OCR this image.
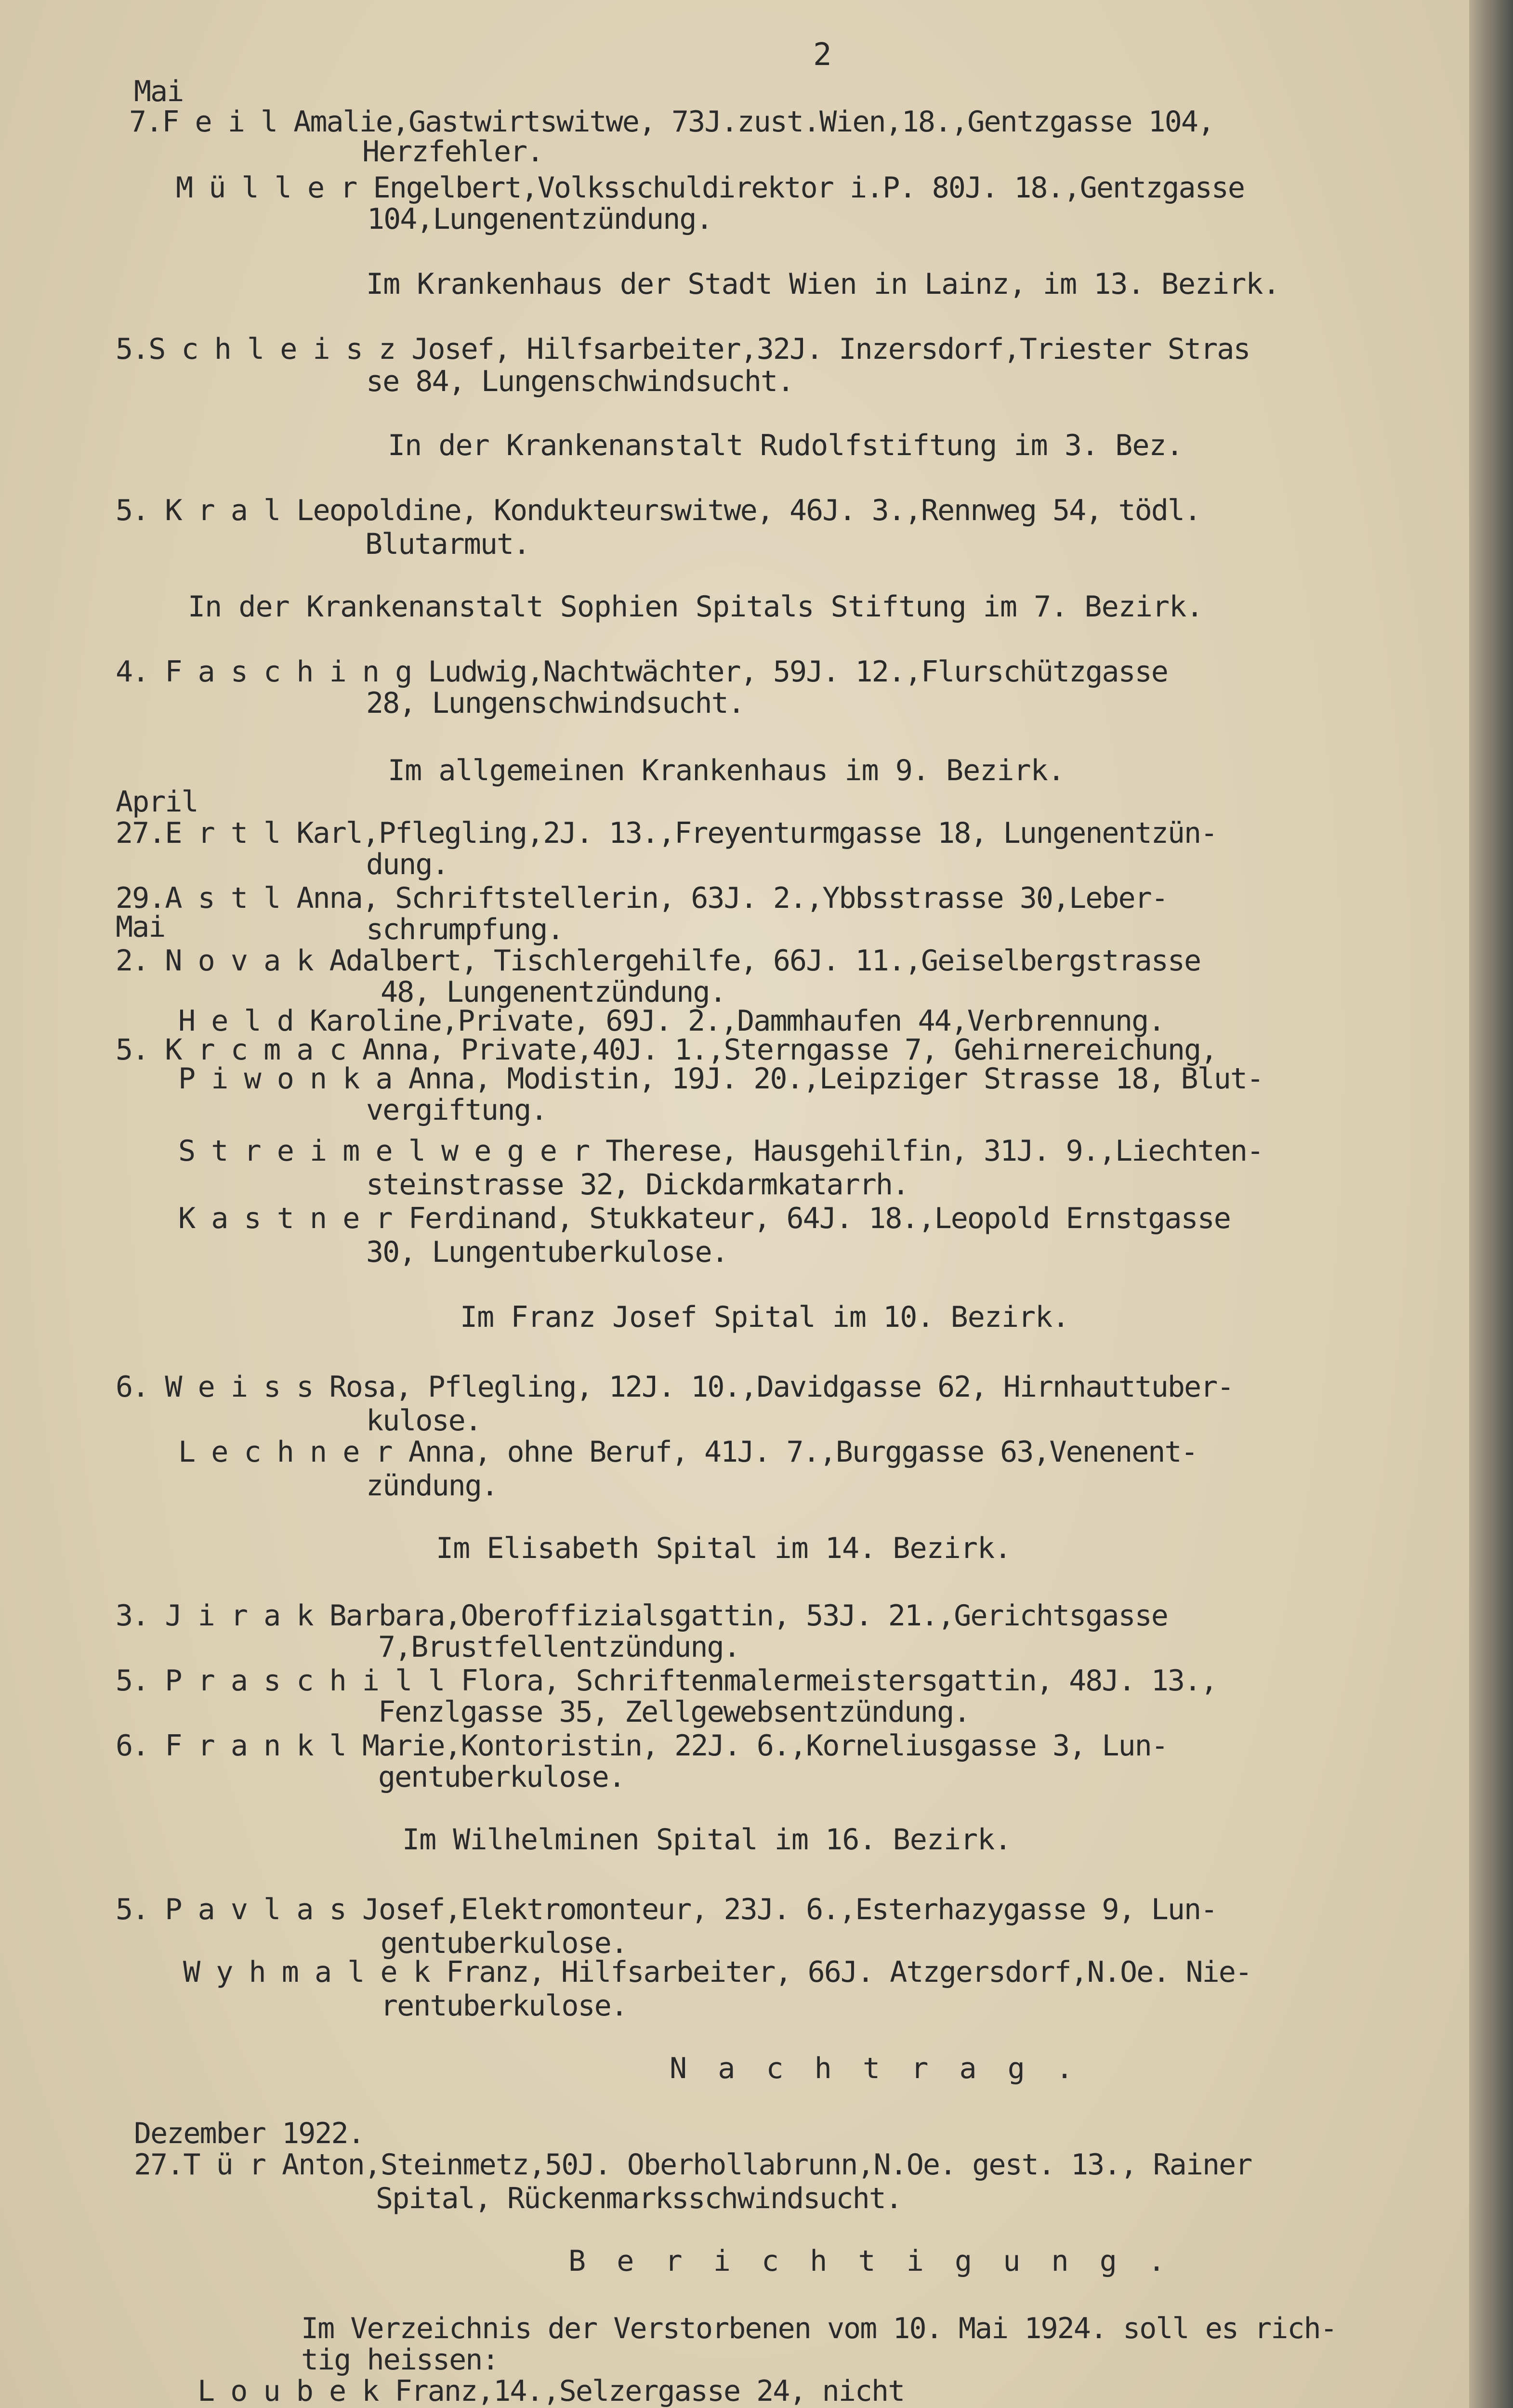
2
Mai
7.F e i l Amalie,Gastwirtswitwe, 73J.zust.Wien,18.,Gentzgasse 104,
Herzfehler.
M ü l l e r Engelbert,Volksschuldirektor i.P. 80J. 18.,Gentzgasse
104,Lungenentzündung.
Im Krankenhaus der Stadt Wien in Lainz, im 13. Bezirk.
5.S c h l e i s z Josef, Hilfsarbeiter,32J. Inzersdorf,Triester Stras
se 84, Lungenschwindsucht.
In der Krankenanstalt Rudolfstiftung im 3. Bez.
5. K r a l Leopoldine, Kondukteurswitwe, 46J. 3.,Rennweg 54, tödl.
Blutarmut.
In der Krankenanstalt Sophien Spitals Stiftung im 7. Bezirk.
4. F a s c h i n g Ludwig,Nachtwächter, 59J. 12.,Flurschützgasse
28, Lungenschwindsucht.
Im allgemeinen Krankenhaus im 9. Bezirk.
April
27.E r t l Karl,Pflegling,2J. 13.,Freyenturmgasse 18, Lungenentzün-
dung.
29.A s t l Anna, Schriftstellerin, 63J. 2.,Ybbsstrasse 30,Leber-
Mai	schrumpfung.
2. N o v a k Adalbert, Tischlergehilfe, 66J. 11.,Geiselbergstrasse
48, Lungenentzündung.
H e l d Karoline,Private, 69J. 2.,Dammhaufen 44,Verbrennung.
5. K r c m a c Anna, Private,40J. 1.,Sterngasse 7, Gehirnereichung,
P i w o n k a Anna, Modistin, 19J. 20.,Leipziger Strasse 18, Blut-
vergiftung.
S t r e i m e l w e g e r Therese, Hausgehilfin, 31J. 9.,Liechten-
steinstrasse 32, Dickdarmkatarrh.
K a s t n e r Ferdinand, Stukkateur, 64J. 18.,Leopold Ernstgasse
30, Lungentuberkulose.
Im Franz Josef Spital im 10. Bezirk.
6. W e i s s Rosa, Pflegling, 12J. 10.,Davidgasse 62, Hirnhauttuber-
kulose.
L e c h n e r Anna, ohne Beruf, 41J. 7.,Burggasse 63,Venenent-
zündung.
Im Elisabeth Spital im 14. Bezirk.
3. J i r a k Barbara,Oberoffizialsgattin, 53J. 21.,Gerichtsgasse
7,Brustfellentzündung.
5. P r a s c h i l l Flora, Schriftenmalermeistersgattin, 48J. 13.,
Fenzlgasse 35, Zellgewebsentzündung.
6. F r a n k l Marie,Kontoristin, 22J. 6.,Korneliusgasse 3, Lun-
gentuberkulose.
Im Wilhelminen Spital im 16. Bezirk.
5. P a v l a s Josef,Elektromonteur, 23J. 6.,Esterhazygasse 9, Lun-
gentuberkulose.
W y h m a l e k Franz, Hilfsarbeiter, 66J. Atzgersdorf,N.Oe. Nie-
rentuberkulose.
N a c h t r a g .
Dezember 1922.
27.T ü r Anton,Steinmetz,50J. Oberhollabrunn,N.Oe. gest. 13., Rainer
Spital, Rückenmarksschwindsucht.
B e r i c h t i g u n g .
Im Verzeichnis der Verstorbenen vom 10. Mai 1924. soll es rich-
tig heissen:
L o u b e k Franz,14.,Selzergasse 24, nicht
